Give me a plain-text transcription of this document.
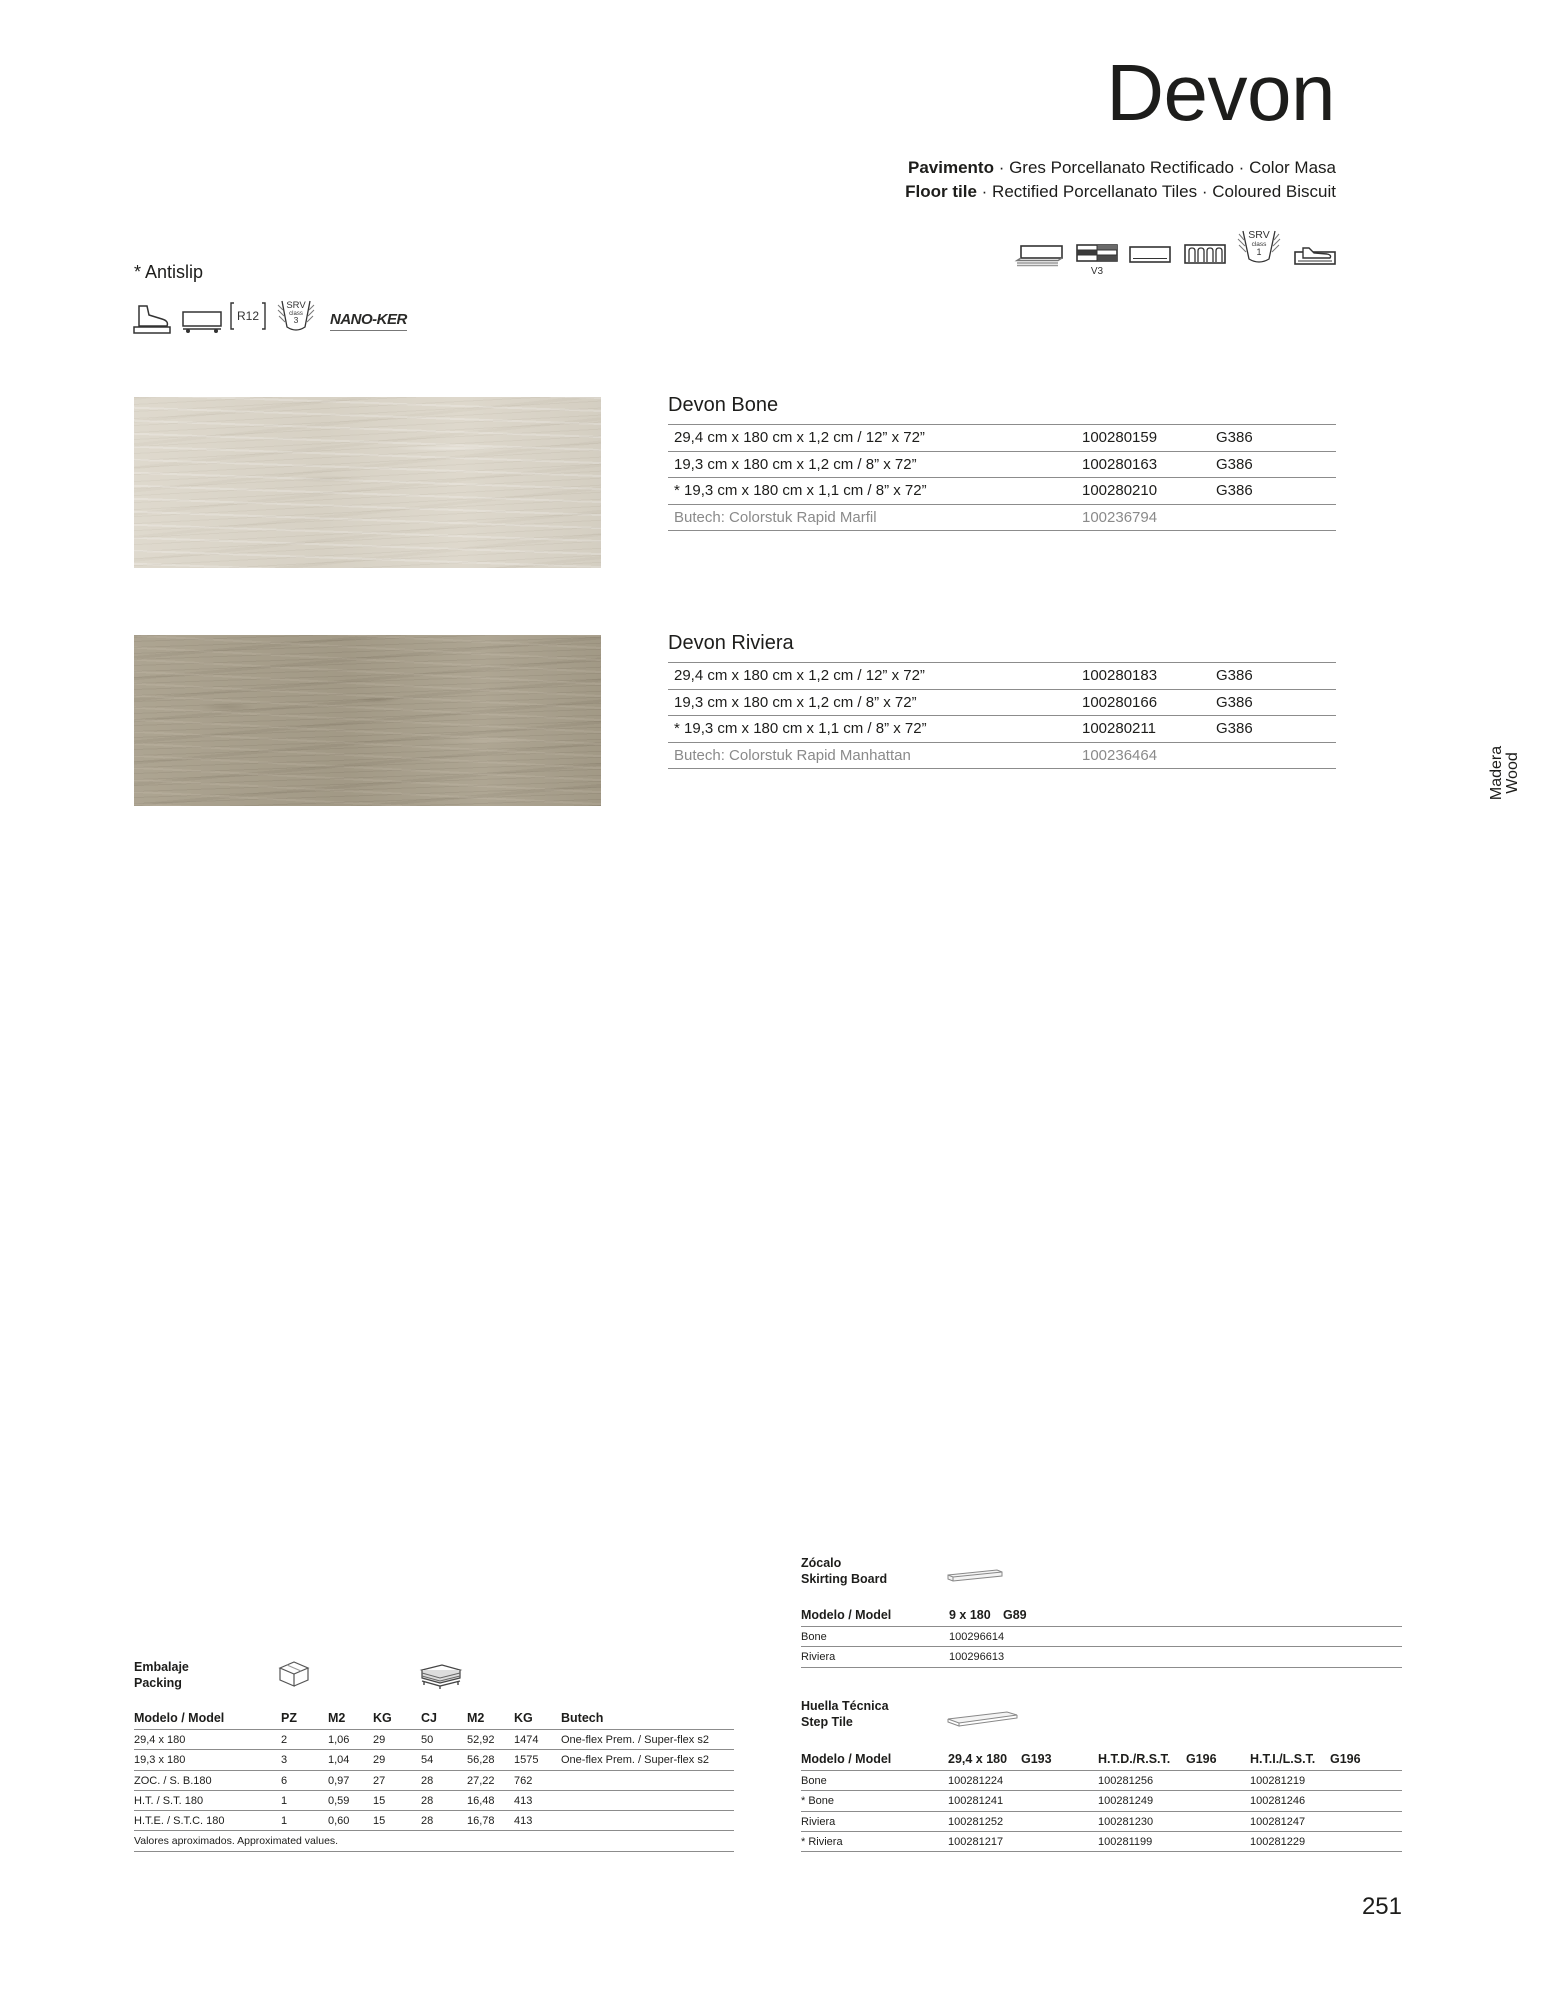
Devon
Pavimento · Gres Porcellanato Rectificado · Color Masa
Floor tile · Rectified Porcellanato Tiles · Coloured Biscuit
V3
SRV
class
1
* Antislip
R12
SRV
class
3 NANO-KER
Devon Bone
29,4 cm x 180 cm x 1,2 cm / 12” x 72”	100280159	G386
19,3 cm x 180 cm x 1,2 cm / 8” x 72”	100280163	G386
* 19,3 cm x 180 cm x 1,1 cm / 8” x 72”	100280210	G386
Butech: Colorstuk Rapid Marfil	100236794
Devon Riviera
29,4 cm x 180 cm x 1,2 cm / 12” x 72”	100280183	G386
19,3 cm x 180 cm x 1,2 cm / 8” x 72”	100280166	G386
* 19,3 cm x 180 cm x 1,1 cm / 8” x 72”	100280211	G386
Butech: Colorstuk Rapid Manhattan	100236464	Madera Wood
Embalaje
Packing
Modelo / Model	PZ M2 KG CJ M2 KG Butech
29,4 x 180	2	1,06 29	50	52,92 1474 One-flex Prem. / Super-flex s2
19,3 x 180	3	1,04 29	54	56,28 1575 One-flex Prem. / Super-flex s2
ZOC. / S. B.180	6	0,97 27	28	27,22 762
H.T. / S.T. 180	1	0,59 15	28	16,48 413
H.T.E. / S.T.C. 180	1	0,60 15	28	16,78 413
Valores aproximados. Approximated values.
Zócalo
Skirting Board
Modelo / Model	9 x 180 G89
Bone	100296614
Riviera	100296613
Huella Técnica
Step Tile
Modelo / Model	29,4 x 180 G193	H.T.D./R.S.T. G196	H.T.I./L.S.T. G196
Bone	100281224	100281256	100281219
* Bone	100281241	100281249	100281246
Riviera	100281252	100281230	100281247
* Riviera	100281217	100281199	100281229
251
